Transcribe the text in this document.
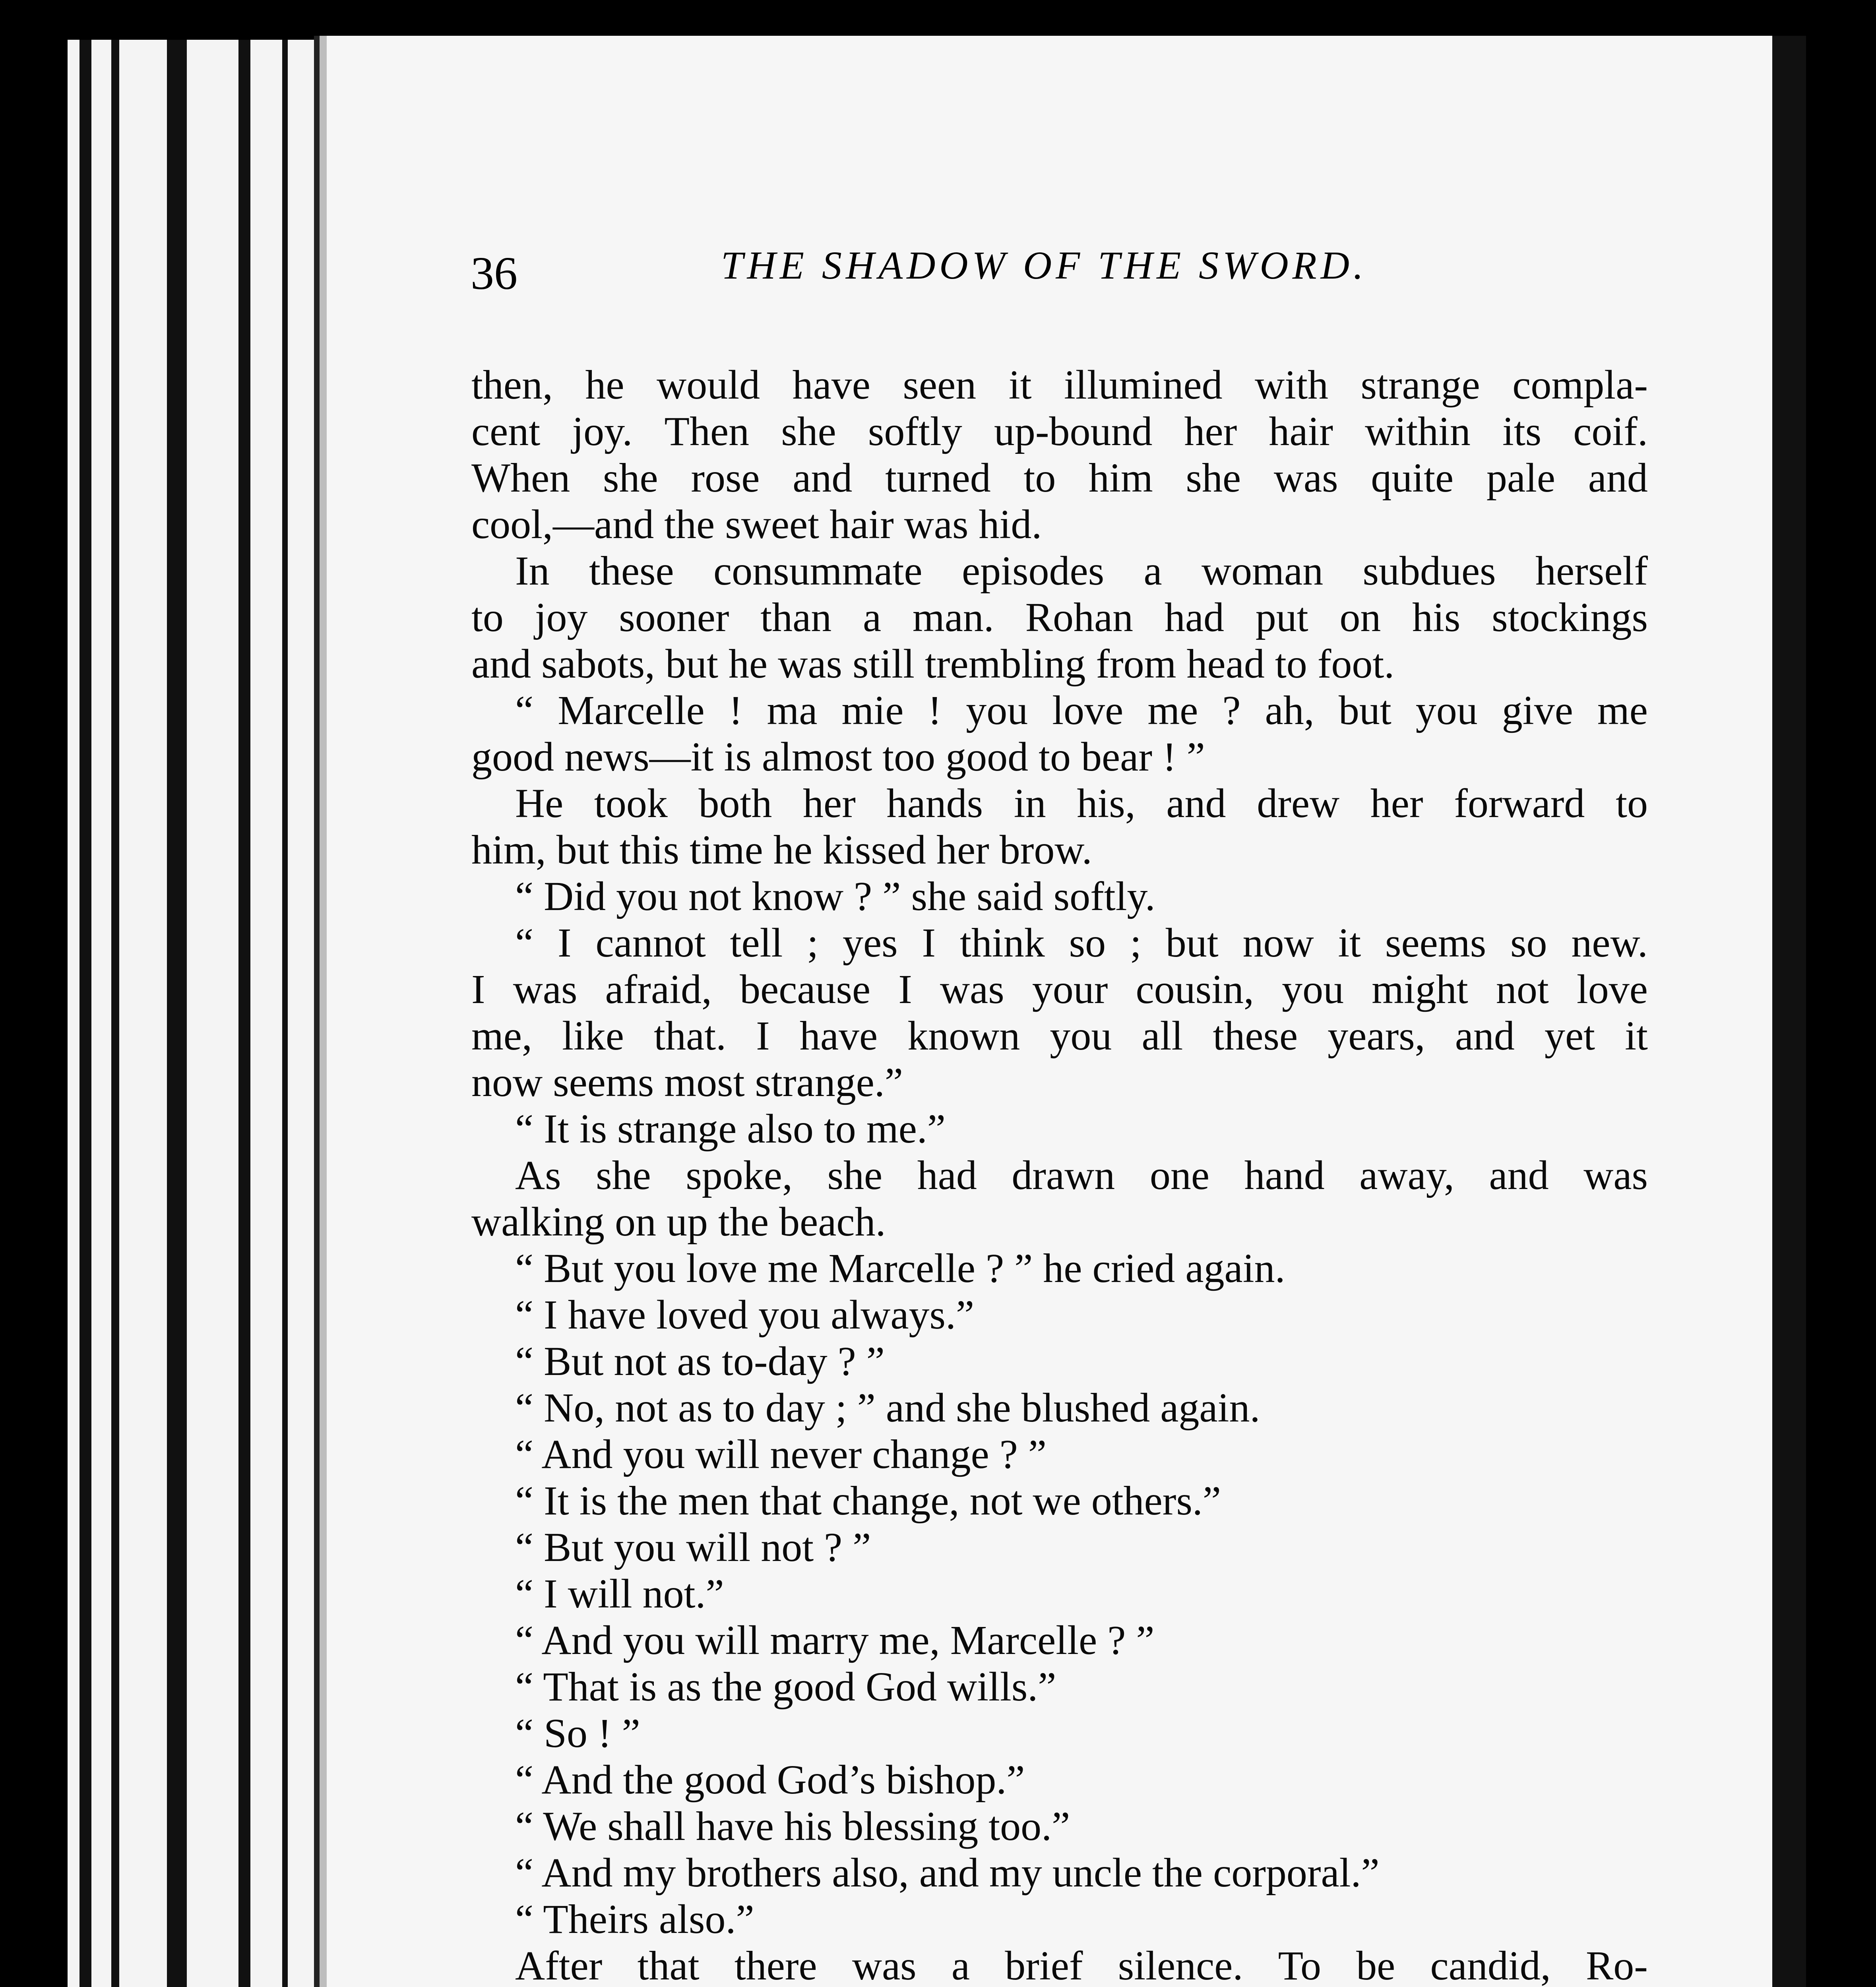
36	THE SHADOW OF THE SWORD.
then, he would have seen it illumined with strange compla-
cent joy. Then she softly up-bound her hair within its coif.
When she rose and turned to him she was quite pale and
cool,—and the sweet hair was hid.
In these consummate episodes a woman subdues herself
to joy sooner than a man. Rohan had put on his stockings
and sabots, but he was still trembling from head to foot.
“ Marcelle ! ma mie ! you love me ? ah, but you give me
good news—it is almost too good to bear ! ”
He took both her hands in his, and drew her forward to
him, but this time he kissed her brow.
“ Did you not know ? ” she said softly.
“ I cannot tell ; yes I think so ; but now it seems so new.
I was afraid, because I was your cousin, you might not love
me, like that. I have known you all these years, and yet it
now seems most strange.”
“ It is strange also to me.”
As she spoke, she had drawn one hand away, and was
walking on up the beach.
“ But you love me Marcelle ? ” he cried again.
“ I have loved you always.”
“ But not as to-day ? ”
“ No, not as to day ; ” and she blushed again.
“ And you will never change ? ”
“ It is the men that change, not we others.”
“ But you will not ? ”
“ I will not.”
“ And you will marry me, Marcelle ? ”
“ That is as the good God wills.”
“ So ! ”
“ And the good God’s bishop.”
“ We shall have his blessing too.”
“ And my brothers also, and my uncle the corporal.”
“ Theirs also.”
After that there was a brief silence. To be candid, Ro-
